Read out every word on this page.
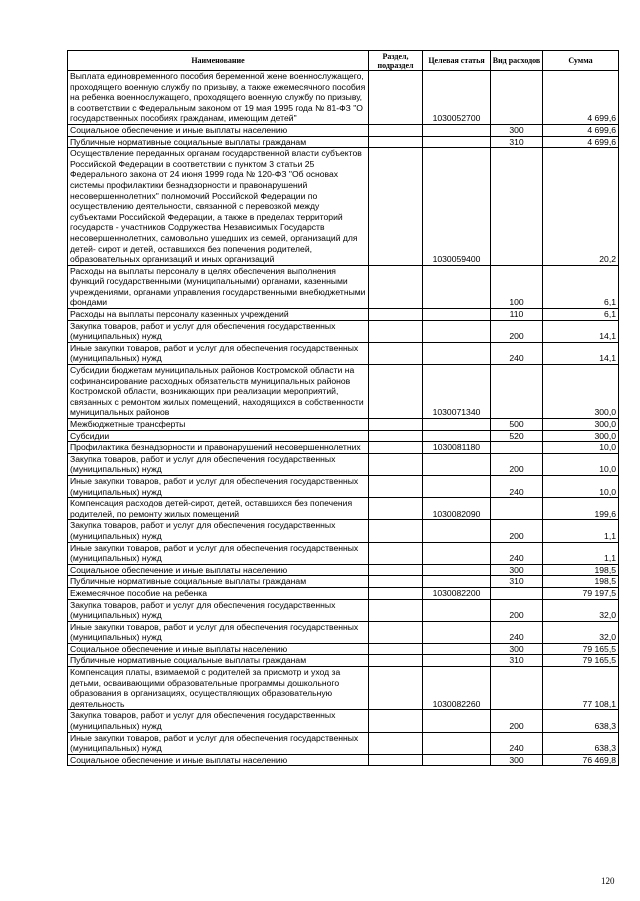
Наименование	Раздел, подраздел	Целевая статья	Вид расходов	Сумма
Выплата единовременного пособия беременной жене военнослужащего, проходящего военную службу по призыву, а также ежемесячного пособия на ребенка военнослужащего, проходящего военную службу по призыву, в соответствии с Федеральным законом от 19 мая 1995 года № 81-ФЗ "О государственных пособиях гражданам, имеющим детей"		1030052700		4 699,6
Социальное обеспечение и иные выплаты населению			300	4 699,6
Публичные нормативные социальные выплаты гражданам			310	4 699,6
Осуществление переданных органам государственной власти субъектов Российской Федерации в соответствии с пунктом 3 статьи 25 Федерального закона от 24 июня 1999 года № 120-ФЗ "Об основах системы профилактики безнадзорности и правонарушений несовершеннолетних" полномочий Российской Федерации по осуществлению деятельности, связанной с перевозкой между субъектами Российской Федерации, а также в пределах территорий государств - участников Содружества Независимых Государств несовершеннолетних, самовольно ушедших из семей, организаций для детей- сирот и детей, оставшихся без попечения родителей, образовательных организаций и иных организаций		1030059400		20,2
Расходы на выплаты персоналу в целях обеспечения выполнения функций государственными (муниципальными) органами, казенными учреждениями, органами управления государственными внебюджетными фондами			100	6,1
Расходы на выплаты персоналу казенных учреждений			110	6,1
Закупка товаров, работ и услуг для обеспечения государственных (муниципальных) нужд			200	14,1
Иные закупки товаров, работ и услуг для обеспечения государственных (муниципальных) нужд			240	14,1
Субсидии бюджетам муниципальных районов Костромской области на софинансирование расходных обязательств муниципальных районов Костромской области, возникающих при реализации мероприятий, связанных с ремонтом жилых помещений, находящихся в собственности муниципальных районов		1030071340		300,0
Межбюджетные трансферты			500	300,0
Субсидии			520	300,0
Профилактика безнадзорности и правонарушений несовершеннолетних		1030081180		10,0
Закупка товаров, работ и услуг для обеспечения государственных (муниципальных) нужд			200	10,0
Иные закупки товаров, работ и услуг для обеспечения государственных (муниципальных) нужд			240	10,0
Компенсация расходов детей-сирот, детей, оставшихся без попечения родителей, по ремонту жилых помещений		1030082090		199,6
Закупка товаров, работ и услуг для обеспечения государственных (муниципальных) нужд			200	1,1
Иные закупки товаров, работ и услуг для обеспечения государственных (муниципальных) нужд			240	1,1
Социальное обеспечение и иные выплаты населению			300	198,5
Публичные нормативные социальные выплаты гражданам			310	198,5
Ежемесячное пособие на ребенка		1030082200		79 197,5
Закупка товаров, работ и услуг для обеспечения государственных (муниципальных) нужд			200	32,0
Иные закупки товаров, работ и услуг для обеспечения государственных (муниципальных) нужд			240	32,0
Социальное обеспечение и иные выплаты населению			300	79 165,5
Публичные нормативные социальные выплаты гражданам			310	79 165,5
Компенсация платы, взимаемой с родителей за присмотр и уход за детьми, осваивающими образовательные программы дошкольного образования в организациях, осуществляющих образовательную деятельность		1030082260		77 108,1
Закупка товаров, работ и услуг для обеспечения государственных (муниципальных) нужд			200	638,3
Иные закупки товаров, работ и услуг для обеспечения государственных (муниципальных) нужд			240	638,3
Социальное обеспечение и иные выплаты населению			300	76 469,8
120
